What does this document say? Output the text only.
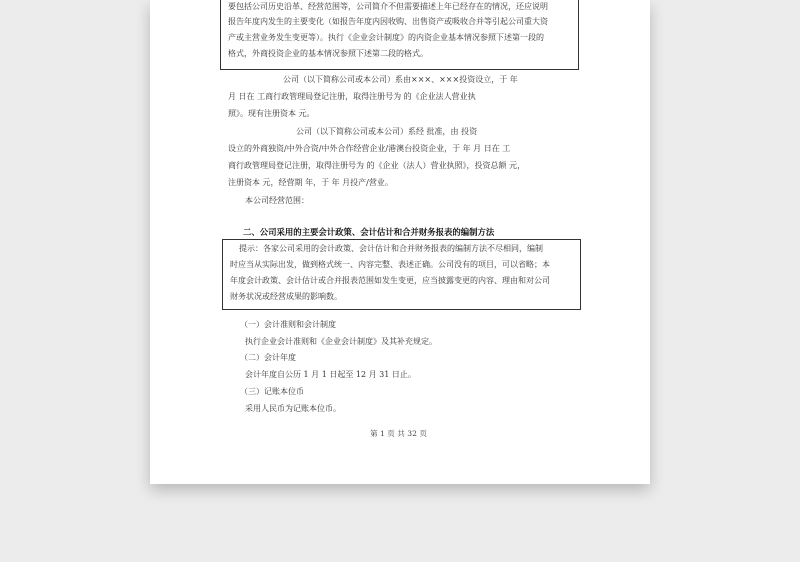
要包括公司历史沿革、经营范围等，公司简介不但需要描述上年已经存在的情况，还应说明
报告年度内发生的主要变化（如报告年度内因收购、出售资产或吸收合并等引起公司重大资
产或主营业务发生变更等）。执行《企业会计制度》的内资企业基本情况参照下述第一段的
格式，外商投资企业的基本情况参照下述第二段的格式。
公司（以下简称公司或本公司）系由×××、×××投资设立，于 年
月 日在 工商行政管理局登记注册，取得注册号为 的《企业法人营业执
照》。现有注册资本 元。
公司（以下简称公司或本公司）系经 批准，由 投资
设立的外商独资/中外合资/中外合作经营企业/港澳台投资企业，于 年 月 日在 工
商行政管理局登记注册，取得注册号为 的《企业（法人）营业执照》，投资总额 元，
注册资本 元，经营期 年，于 年 月投产/营业。
本公司经营范围：
二、公司采用的主要会计政策、会计估计和合并财务报表的编制方法
提示：各家公司采用的会计政策、会计估计和合并财务报表的编制方法不尽相同，编制
时应当从实际出发，做到格式统一、内容完整、表述正确。公司没有的项目，可以省略；本
年度会计政策、会计估计或合并报表范围如发生变更，应当披露变更的内容、理由和对公司
财务状况或经营成果的影响数。
（一）会计准则和会计制度
执行企业会计准则和《企业会计制度》及其补充规定。
（二）会计年度
会计年度自公历 1 月 1 日起至 12 月 31 日止。
（三）记账本位币
采用人民币为记账本位币。
第 1 页 共 32 页
